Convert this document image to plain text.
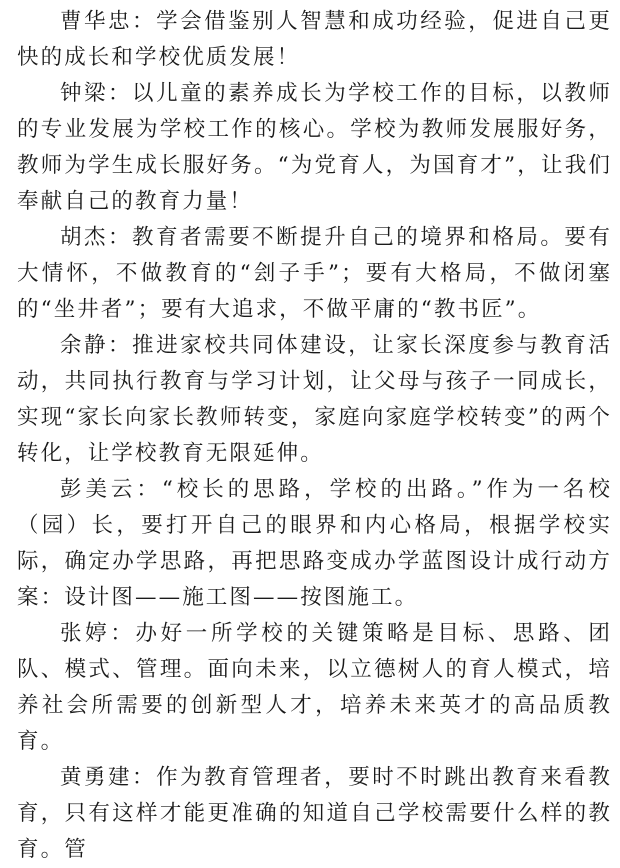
曹华忠：学会借鉴别人智慧和成功经验，促进自己更快的成长和学校优质发展！

钟梁：以儿童的素养成长为学校工作的目标，以教师的专业发展为学校工作的核心。学校为教师发展服好务，教师为学生成长服好务。“为党育人，为国育才”，让我们奉献自己的教育力量！

胡杰：教育者需要不断提升自己的境界和格局。要有大情怀，不做教育的“刽子手”；要有大格局，不做闭塞的“坐井者”；要有大追求，不做平庸的“教书匠”。

余静：推进家校共同体建设，让家长深度参与教育活动，共同执行教育与学习计划，让父母与孩子一同成长，实现“家长向家长教师转变，家庭向家庭学校转变”的两个转化，让学校教育无限延伸。

彭美云：“校长的思路，学校的出路。”作为一名校（园）长，要打开自己的眼界和内心格局，根据学校实际，确定办学思路，再把思路变成办学蓝图设计成行动方案：设计图——施工图——按图施工。

张婷：办好一所学校的关键策略是目标、思路、团队、模式、管理。面向未来，以立德树人的育人模式，培养社会所需要的创新型人才，培养未来英才的高品质教育。

黄勇建：作为教育管理者，要时不时跳出教育来看教育，只有这样才能更准确的知道自己学校需要什么样的教育。管
